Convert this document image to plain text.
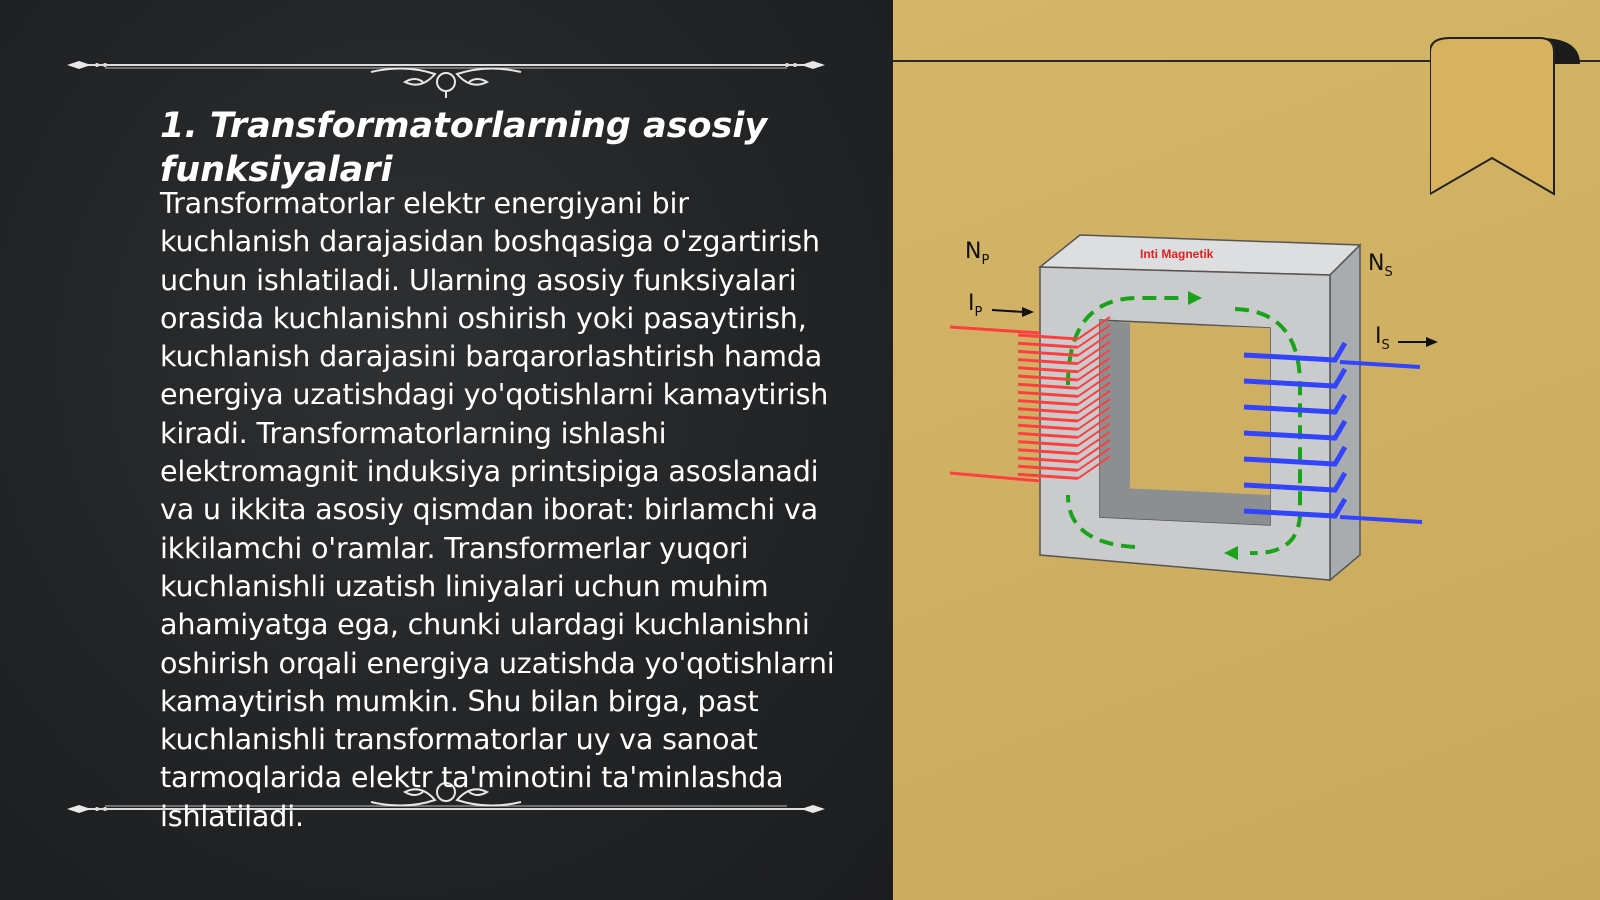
1. Transformatorlarning asosiy funksiyalari

Transformatorlar elektr energiyani bir kuchlanish darajasidan boshqasiga o'zgartirish uchun ishlatiladi. Ularning asosiy funksiyalari orasida kuchlanishni oshirish yoki pasaytirish, kuchlanish darajasini barqarorlashtirish hamda energiya uzatishdagi yo'qotishlarni kamaytirish kiradi. Transformatorlarning ishlashi elektromagnit induksiya printsipiga asoslanadi va u ikkita asosiy qismdan iborat: birlamchi va ikkilamchi o'ramlar. Transformerlar yuqori kuchlanishli uzatish liniyalari uchun muhim ahamiyatga ega, chunki ulardagi kuchlanishni oshirish orqali energiya uzatishda yo'qotishlarni kamaytirish mumkin. Shu bilan birga, past kuchlanishli transformatorlar uy va sanoat tarmoqlarida elektr ta'minotini ta'minlashda ishlatiladi.

Inti Magnetik
$N_P$	$N_S$
$I_P$
$I_S$
